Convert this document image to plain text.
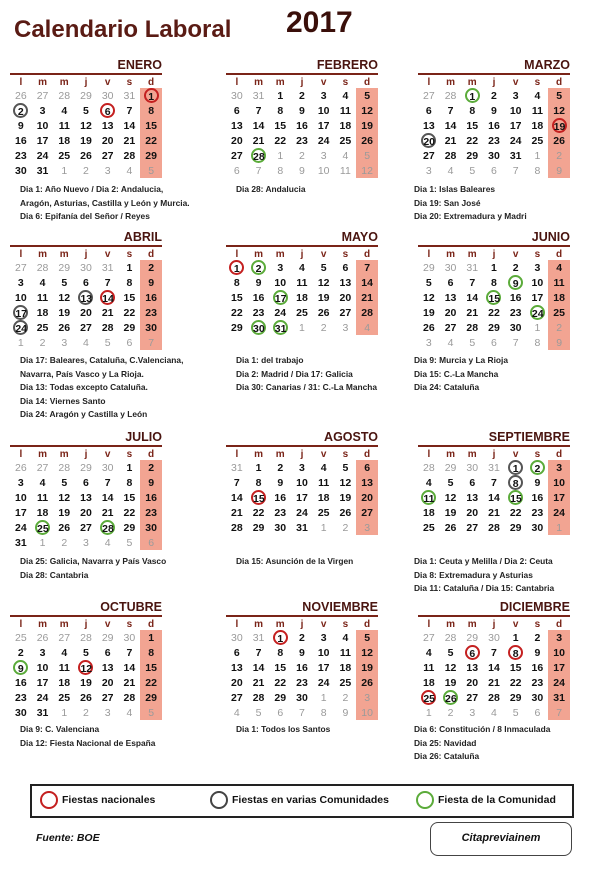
Calendario Laboral 2017
ENERO
l	m	m	j	v	s	d
26	27	28	29	30	31	1
2	3	4	5	6	7	8
9	10	11	12	13	14	15
16	17	18	19	20	21	22
23	24	25	26	27	28	29
30	31	1	2	3	4	5
Dia 1: Año Nuevo / Dia 2: Andalucia,
Aragón, Asturias, Castilla y León y Murcia.
Dia 6: Epifanía del Señor / Reyes
FEBRERO
l	m	m	j	v	s	d
30	31	1	2	3	4	5
6	7	8	9	10	11	12
13	14	15	16	17	18	19
20	21	22	23	24	25	26
27	28	1	2	3	4	5
6	7	8	9	10	11	12
Dia 28: Andalucia
MARZO
l	m	m	j	v	s	d
27	28	1	2	3	4	5
6	7	8	9	10	11	12
13	14	15	16	17	18	19
20	21	22	23	24	25	26
27	28	29	30	31	1	2
3	4	5	6	7	8	9
Dia 1: Islas Baleares
Dia 19: San José
Dia 20: Extremadura y Madri
ABRIL
l	m	m	j	v	s	d
27	28	29	30	31	1	2
3	4	5	6	7	8	9
10	11	12	13	14	15	16
17	18	19	20	21	22	23
24	25	26	27	28	29	30
1	2	3	4	5	6	7
Dia 17: Baleares, Cataluña, C.Valenciana,
Navarra, País Vasco y La Rioja.
Dia 13: Todas excepto Cataluña.
Dia 14: Viernes Santo
Dia 24: Aragón y Castilla y León
MAYO
l	m	m	j	v	s	d
1	2	3	4	5	6	7
8	9	10	11	12	13	14
15	16	17	18	19	20	21
22	23	24	25	26	27	28
29	30	31	1	2	3	4
Dia 1: del trabajo
Dia 2: Madrid / Dia 17: Galicia
Dia 30: Canarias / 31: C.-La Mancha
JUNIO
l	m	m	j	v	s	d
29	30	31	1	2	3	4
5	6	7	8	9	10	11
12	13	14	15	16	17	18
19	20	21	22	23	24	25
26	27	28	29	30	1	2
3	4	5	6	7	8	9
Dia 9: Murcia y La Rioja
Dia 15: C.-La Mancha
Dia 24: Cataluña
JULIO
l	m	m	j	v	s	d
26	27	28	29	30	1	2
3	4	5	6	7	8	9
10	11	12	13	14	15	16
17	18	19	20	21	22	23
24	25	26	27	28	29	30
31	1	2	3	4	5	6
Dia 25: Galicia, Navarra y País Vasco
Dia 28: Cantabria
AGOSTO
l	m	m	j	v	s	d
31	1	2	3	4	5	6
7	8	9	10	11	12	13
14	15	16	17	18	19	20
21	22	23	24	25	26	27
28	29	30	31	1	2	3
Dia 15: Asunción de la Virgen
SEPTIEMBRE
l	m	m	j	v	s	d
28	29	30	31	1	2	3
4	5	6	7	8	9	10
11	12	13	14	15	16	17
18	19	20	21	22	23	24
25	26	27	28	29	30	1
Dia 1: Ceuta y Melilla / Dia 2: Ceuta
Dia 8: Extremadura y Asturias
Dia 11: Cataluña / Dia 15: Cantabria
OCTUBRE
l	m	m	j	v	s	d
25	26	27	28	29	30	1
2	3	4	5	6	7	8
9	10	11	12	13	14	15
16	17	18	19	20	21	22
23	24	25	26	27	28	29
30	31	1	2	3	4	5
Dia 9: C. Valenciana
Dia 12: Fiesta Nacional de España
NOVIEMBRE
l	m	m	j	v	s	d
30	31	1	2	3	4	5
6	7	8	9	10	11	12
13	14	15	16	17	18	19
20	21	22	23	24	25	26
27	28	29	30	1	2	3
4	5	6	7	8	9	10
Dia 1: Todos los Santos
DICIEMBRE
l	m	m	j	v	s	d
27	28	29	30	1	2	3
4	5	6	7	8	9	10
11	12	13	14	15	16	17
18	19	20	21	22	23	24
25	26	27	28	29	30	31
1	2	3	4	5	6	7
Dia 6: Constitución / 8 Inmaculada
Dia 25: Navidad
Dia 26: Cataluña
Fiestas nacionales	Fiestas en varias Comunidades	Fiesta de la Comunidad
Fuente: BOE	Citapreviainem
